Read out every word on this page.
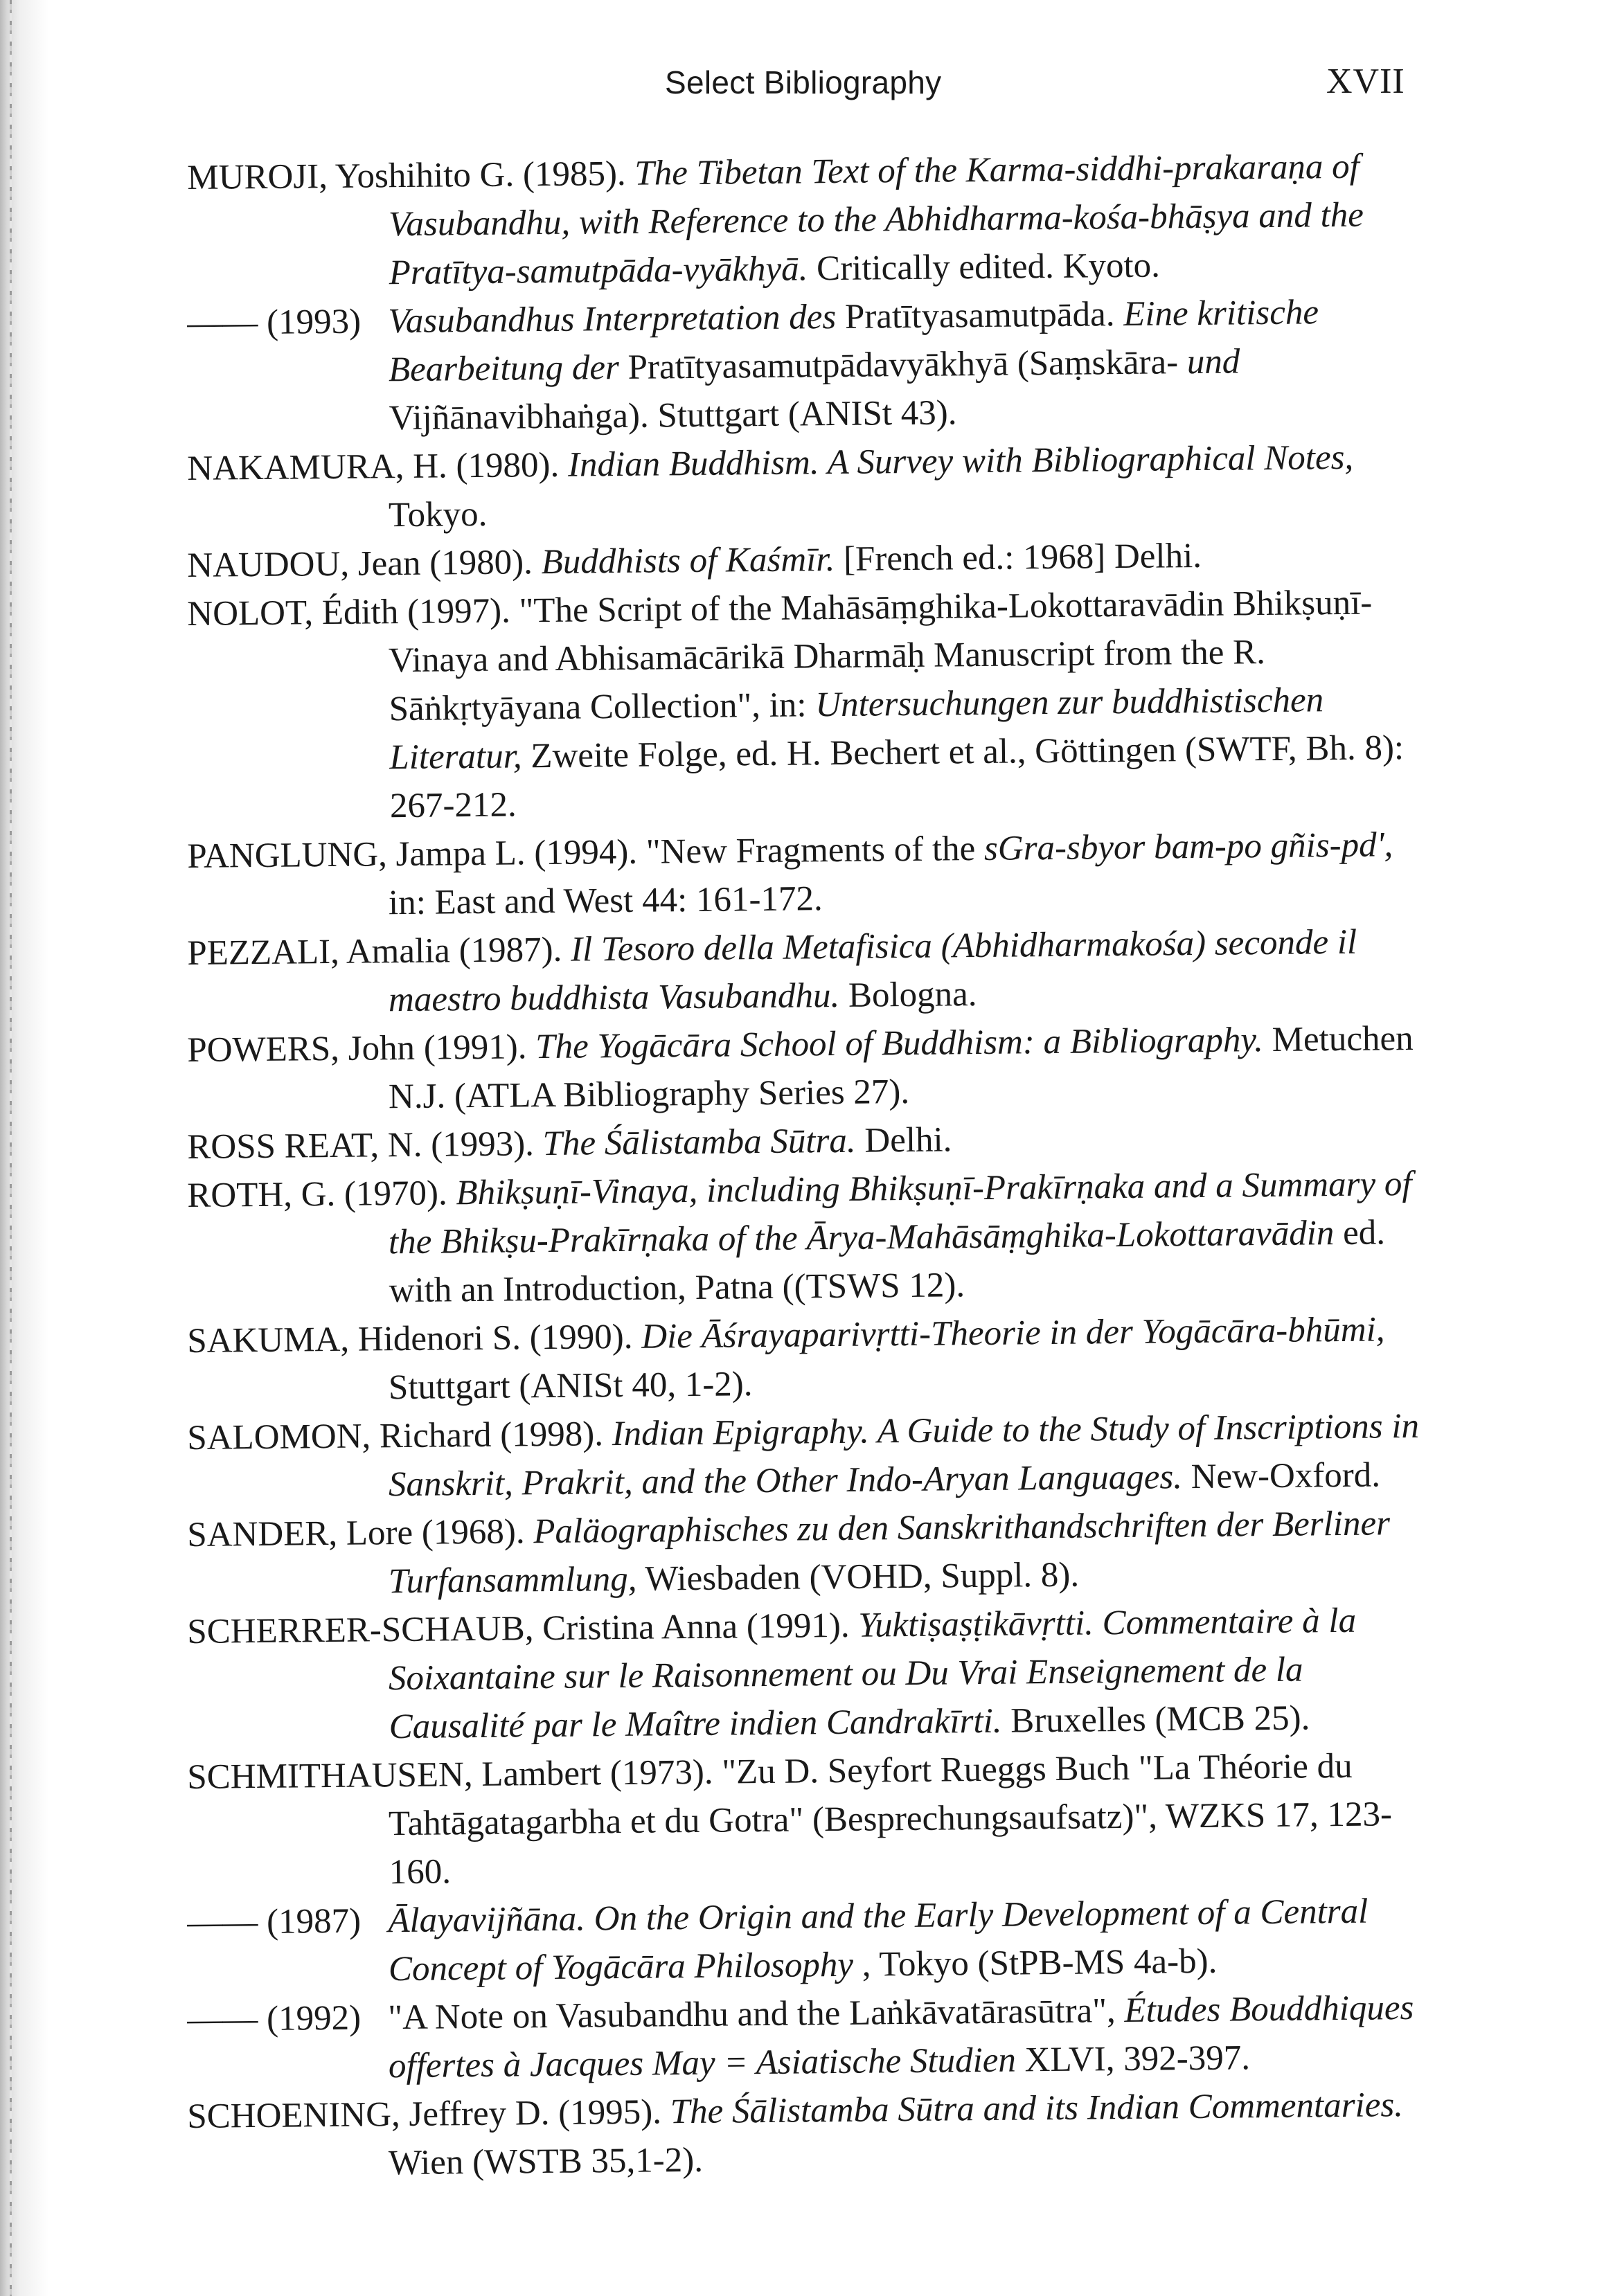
Select Bibliography	XVII
MUROJI, Yoshihito G. (1985). The Tibetan Text of the Karma-siddhi-prakaraṇa of Vasubandhu, with Reference to the Abhidharma-kośa-bhāṣya and the Pratītya-samutpāda-vyākhyā. Critically edited. Kyoto.
—— (1993) Vasubandhus Interpretation des Pratītyasamutpāda. Eine kritische Bearbeitung der Pratītyasamutpādavyākhyā (Saṃskāra- und Vijñānavibhaṅga). Stuttgart (ANISt 43).
NAKAMURA, H. (1980). Indian Buddhism. A Survey with Bibliographical Notes, Tokyo.
NAUDOU, Jean (1980). Buddhists of Kaśmīr. [French ed.: 1968] Delhi.
NOLOT, Édith (1997). "The Script of the Mahāsāṃghika-Lokottaravādin Bhikṣuṇī-Vinaya and Abhisamācārikā Dharmāḥ Manuscript from the R. Sāṅkṛtyāyana Collection", in: Untersuchungen zur buddhistischen Literatur, Zweite Folge, ed. H. Bechert et al., Göttingen (SWTF, Bh. 8): 267-212.
PANGLUNG, Jampa L. (1994). "New Fragments of the sGra-sbyor bam-po gñis-pd', in: East and West 44: 161-172.
PEZZALI, Amalia (1987). Il Tesoro della Metafisica (Abhidharmakośa) seconde il maestro buddhista Vasubandhu. Bologna.
POWERS, John (1991). The Yogācāra School of Buddhism: a Bibliography. Metuchen N.J. (ATLA Bibliography Series 27).
ROSS REAT, N. (1993). The Śālistamba Sūtra. Delhi.
ROTH, G. (1970). Bhikṣuṇī-Vinaya, including Bhikṣuṇī-Prakīrṇaka and a Summary of the Bhikṣu-Prakīrṇaka of the Ārya-Mahāsāṃghika-Lokottaravādin ed. with an Introduction, Patna ((TSWS 12).
SAKUMA, Hidenori S. (1990). Die Āśrayaparivṛtti-Theorie in der Yogācāra-bhūmi, Stuttgart (ANISt 40, 1-2).
SALOMON, Richard (1998). Indian Epigraphy. A Guide to the Study of Inscriptions in Sanskrit, Prakrit, and the Other Indo-Aryan Languages. New-Oxford.
SANDER, Lore (1968). Paläographisches zu den Sanskrithandschriften der Berliner Turfansammlung, Wiesbaden (VOHD, Suppl. 8).
SCHERRER-SCHAUB, Cristina Anna (1991). Yuktiṣaṣṭikāvṛtti. Commentaire à la Soixantaine sur le Raisonnement ou Du Vrai Enseignement de la Causalité par le Maître indien Candrakīrti. Bruxelles (MCB 25).
SCHMITHAUSEN, Lambert (1973). "Zu D. Seyfort Rueggs Buch "La Théorie du Tahtāgatagarbha et du Gotra" (Besprechungsaufsatz)", WZKS 17, 123-160.
—— (1987) Ālayavijñāna. On the Origin and the Early Development of a Central Concept of Yogācāra Philosophy , Tokyo (StPB-MS 4a-b).
—— (1992) "A Note on Vasubandhu and the Laṅkāvatārasūtra", Études Bouddhiques offertes à Jacques May = Asiatische Studien XLVI, 392-397.
SCHOENING, Jeffrey D. (1995). The Śālistamba Sūtra and its Indian Commentaries. Wien (WSTB 35,1-2).
